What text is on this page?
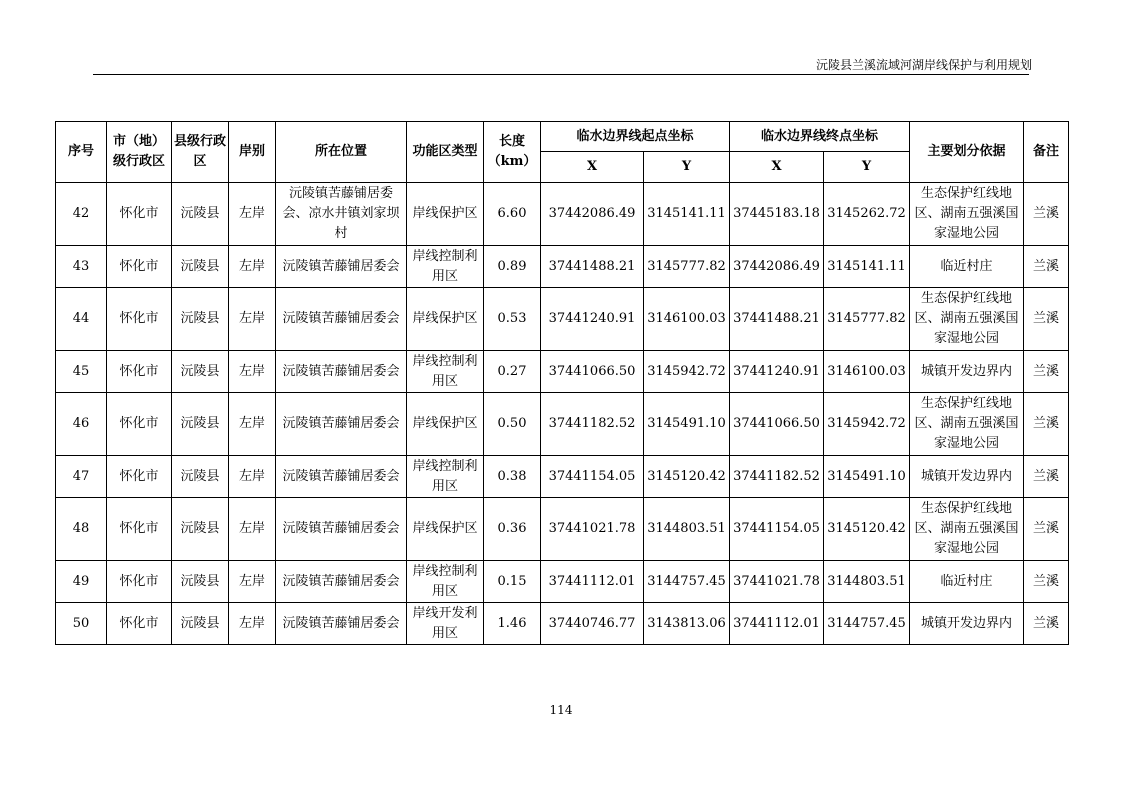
沅陵县兰溪流域河湖岸线保护与利用规划
序号	市（地）级行政区	县级行政区	岸别	所在位置	功能区类型	长度（km）	临水边界线起点坐标		临水边界线终点坐标		主要划分依据	备注
							X	Y	X	Y		
42	怀化市	沅陵县	左岸	沅陵镇苦藤铺居委会、凉水井镇刘家坝村	岸线保护区	6.60	37442086.49	3145141.11	37445183.18	3145262.72	生态保护红线地区、湖南五强溪国家湿地公园	兰溪
43	怀化市	沅陵县	左岸	沅陵镇苦藤铺居委会	岸线控制利用区	0.89	37441488.21	3145777.82	37442086.49	3145141.11	临近村庄	兰溪
44	怀化市	沅陵县	左岸	沅陵镇苦藤铺居委会	岸线保护区	0.53	37441240.91	3146100.03	37441488.21	3145777.82	生态保护红线地区、湖南五强溪国家湿地公园	兰溪
45	怀化市	沅陵县	左岸	沅陵镇苦藤铺居委会	岸线控制利用区	0.27	37441066.50	3145942.72	37441240.91	3146100.03	城镇开发边界内	兰溪
46	怀化市	沅陵县	左岸	沅陵镇苦藤铺居委会	岸线保护区	0.50	37441182.52	3145491.10	37441066.50	3145942.72	生态保护红线地区、湖南五强溪国家湿地公园	兰溪
47	怀化市	沅陵县	左岸	沅陵镇苦藤铺居委会	岸线控制利用区	0.38	37441154.05	3145120.42	37441182.52	3145491.10	城镇开发边界内	兰溪
48	怀化市	沅陵县	左岸	沅陵镇苦藤铺居委会	岸线保护区	0.36	37441021.78	3144803.51	37441154.05	3145120.42	生态保护红线地区、湖南五强溪国家湿地公园	兰溪
49	怀化市	沅陵县	左岸	沅陵镇苦藤铺居委会	岸线控制利用区	0.15	37441112.01	3144757.45	37441021.78	3144803.51	临近村庄	兰溪
50	怀化市	沅陵县	左岸	沅陵镇苦藤铺居委会	岸线开发利用区	1.46	37440746.77	3143813.06	37441112.01	3144757.45	城镇开发边界内	兰溪
114
